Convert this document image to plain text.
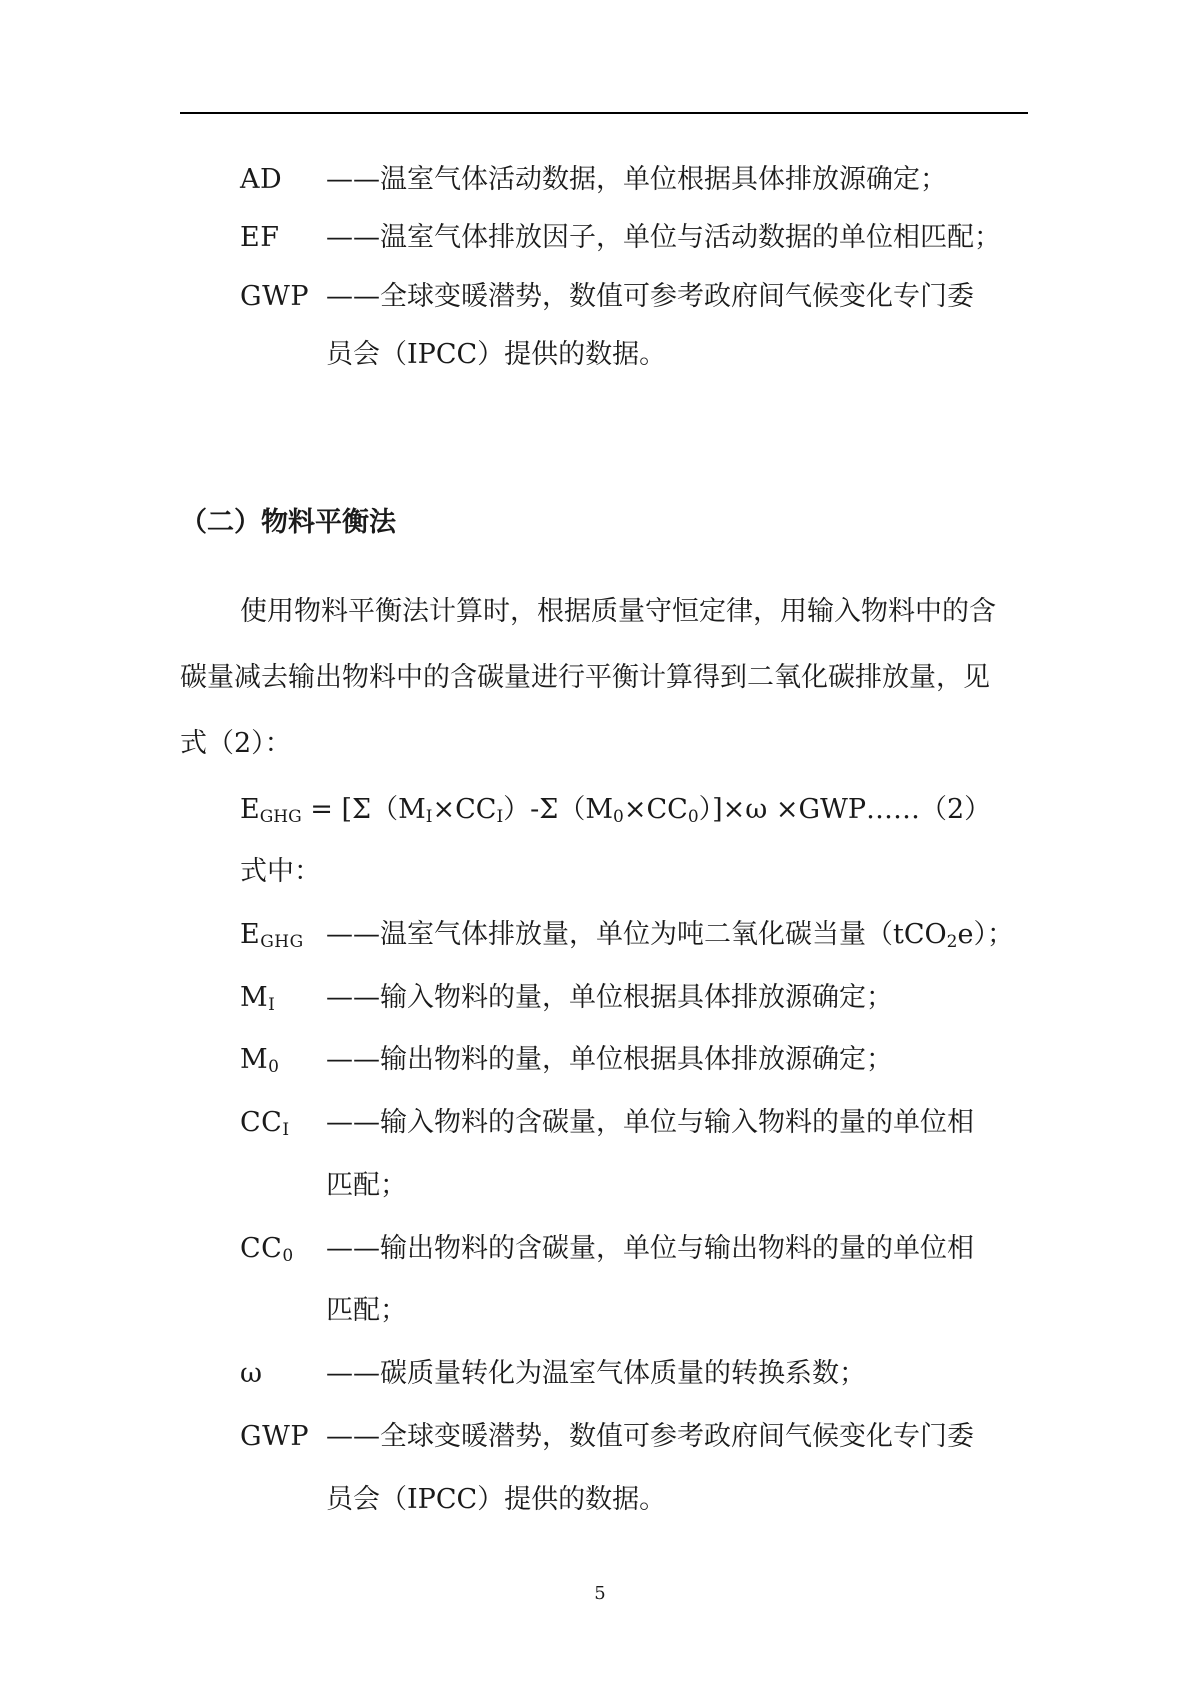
AD ——温室气体活动数据，单位根据具体排放源确定；
EF ——温室气体排放因子，单位与活动数据的单位相匹配；
GWP ——全球变暖潜势，数值可参考政府间气候变化专门委
员会（IPCC）提供的数据。
（二）物料平衡法
使用物料平衡法计算时，根据质量守恒定律，用输入物料中的含
碳量减去输出物料中的含碳量进行平衡计算得到二氧化碳排放量，见
式（2）：
$E_{GHG} = [\Sigma(M_I\times CC_I)-\Sigma(M_0\times CC_0)]\times\omega$ ×GWP……（2）
式中：
$E_{GHG}$ ——温室气体排放量，单位为吨二氧化碳当量（tCO$_2$e）；
$M_I$ ——输入物料的量，单位根据具体排放源确定；
$M_0$ ——输出物料的量，单位根据具体排放源确定；
$CC_I$ ——输入物料的含碳量，单位与输入物料的量的单位相
匹配；
$CC_0$ ——输出物料的含碳量，单位与输出物料的量的单位相
匹配；
ω ——碳质量转化为温室气体质量的转换系数；
GWP ——全球变暖潜势，数值可参考政府间气候变化专门委
员会（IPCC）提供的数据。
5
